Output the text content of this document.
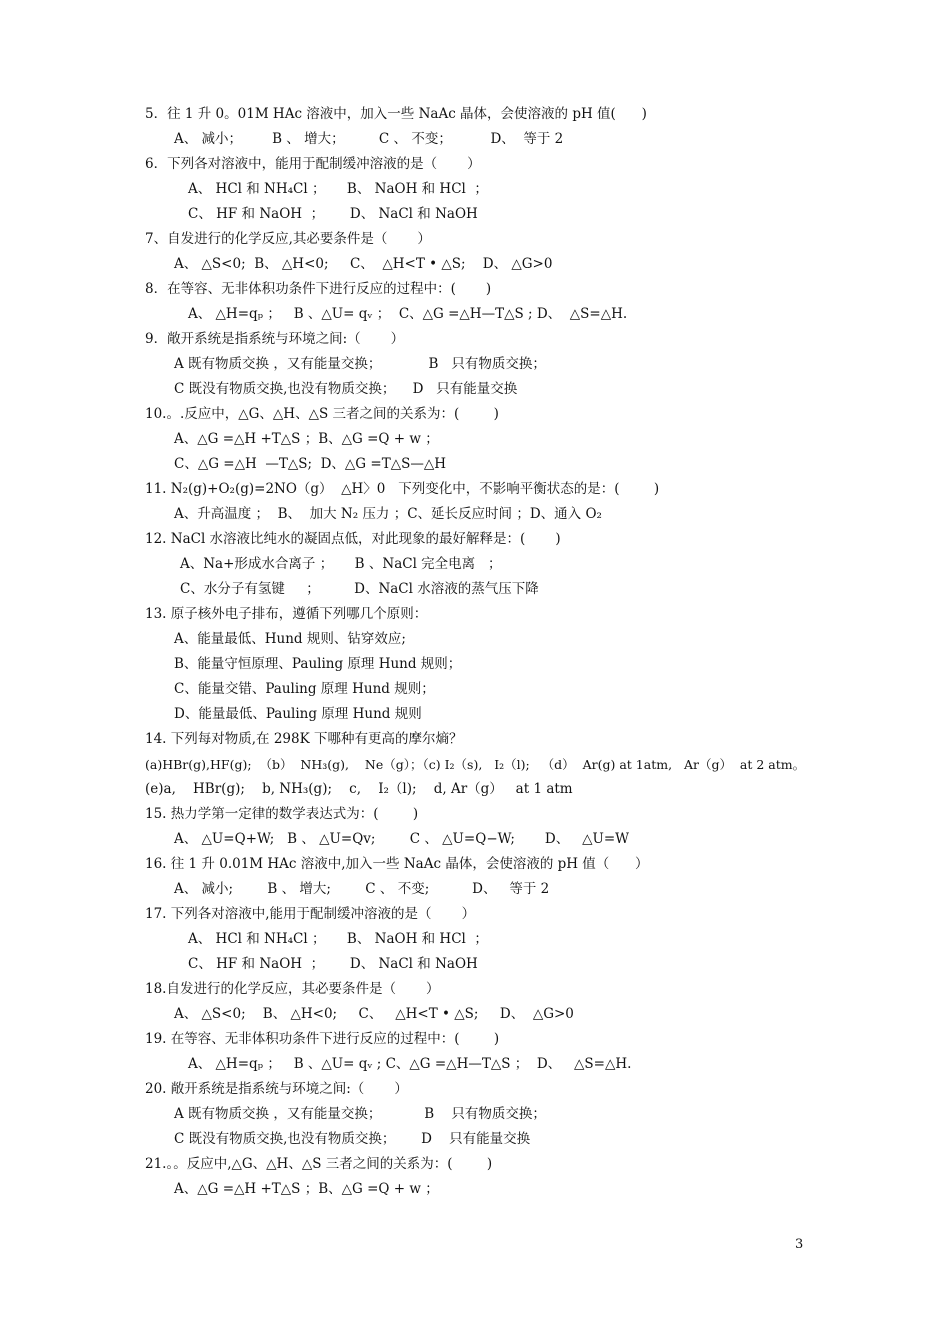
5．往 1 升 0。01M HAc 溶液中，加入一些 NaAc 晶体，会使溶液的 pH 值(      )
A、 减小；       B 、 增大；        C 、 不变；         D、  等于 2
6．下列各对溶液中，能用于配制缓冲溶液的是（       ）
A、 HCl 和 NH₄Cl ；     B、 NaOH 和 HCl  ；
C、 HF 和 NaOH  ；      D、 NaCl 和 NaOH
7、自发进行的化学反应,其必要条件是（       ）
A、 △S<0;  B、 △H<0;     C、  △H<T • △S;    D、 △G>0
8．在等容、无非体积功条件下进行反应的过程中：(       )
A、 △H=qₚ ；   B 、△U= qᵥ ；  C、△G =△H—T△S ; D、  △S=△H.
9．敞开系统是指系统与环境之间:（       ）
A 既有物质交换 ，又有能量交换；           B   只有物质交换；
C 既没有物质交换,也没有物质交换；    D   只有能量交换
10.。.反应中，△G、△H、△S 三者之间的关系为：(        )
A、△G =△H +T△S ；B、△G =Q + w ；
C、△G =△H  —T△S;  D、△G =T△S—△H
11. N₂(g)+O₂(g)=2NO（g）  △H〉0   下列变化中，不影响平衡状态的是：(        )
A、升高温度 ；  B、  加大 N₂ 压力 ；C、延长反应时间 ；D、通入 O₂
12. NaCl 水溶液比纯水的凝固点低，对此现象的最好解释是：(       )
A、Na+形成水合离子 ；     B 、NaCl 完全电离   ；
C、水分子有氢键     ；        D、NaCl 水溶液的蒸气压下降
13. 原子核外电子排布，遵循下列哪几个原则：
A、能量最低、Hund 规则、钻穿效应;
B、能量守恒原理、Pauling 原理 Hund 规则；
C、能量交错、Pauling 原理 Hund 规则；
D、能量最低、Pauling 原理 Hund 规则
14. 下列每对物质,在 298K 下哪种有更高的摩尔熵？
(a)HBr(g),HF(g);  （b）  NH₃(g),    Ne（g）；（c) I₂（s),   I₂（l);   （d）  Ar(g) at 1atm,   Ar（g）  at 2 atm。
(e)a,    HBr(g);    b, NH₃(g);    c,    I₂（l);    d, Ar（g）   at 1 atm
15. 热力学第一定律的数学表达式为：(        )
A、 △U=Q+W;   B 、 △U=Qv;        C 、 △U=Q−W;       D、   △U=W
16. 往 1 升 0.01M HAc 溶液中,加入一些 NaAc 晶体，会使溶液的 pH 值（      ）
A、 减小;        B 、 增大;        C 、 不变;          D、   等于 2
17. 下列各对溶液中,能用于配制缓冲溶液的是（       ）
A、 HCl 和 NH₄Cl ；     B、 NaOH 和 HCl  ；
C、 HF 和 NaOH  ；      D、 NaCl 和 NaOH
18.自发进行的化学反应，其必要条件是（       ）
A、 △S<0;    B、 △H<0;     C、   △H<T • △S;     D、  △G>0
19. 在等容、无非体积功条件下进行反应的过程中：(        )
A、 △H=qₚ ；   B 、△U= qᵥ ; C、△G =△H—T△S ；  D、   △S=△H.
20. 敞开系统是指系统与环境之间:（       ）
A 既有物质交换 ，又有能量交换；          B    只有物质交换；
C 既没有物质交换,也没有物质交换；      D    只有能量交换
21.。。反应中,△G、△H、△S 三者之间的关系为：(        )
A、△G =△H +T△S ；B、△G =Q + w ；
3
